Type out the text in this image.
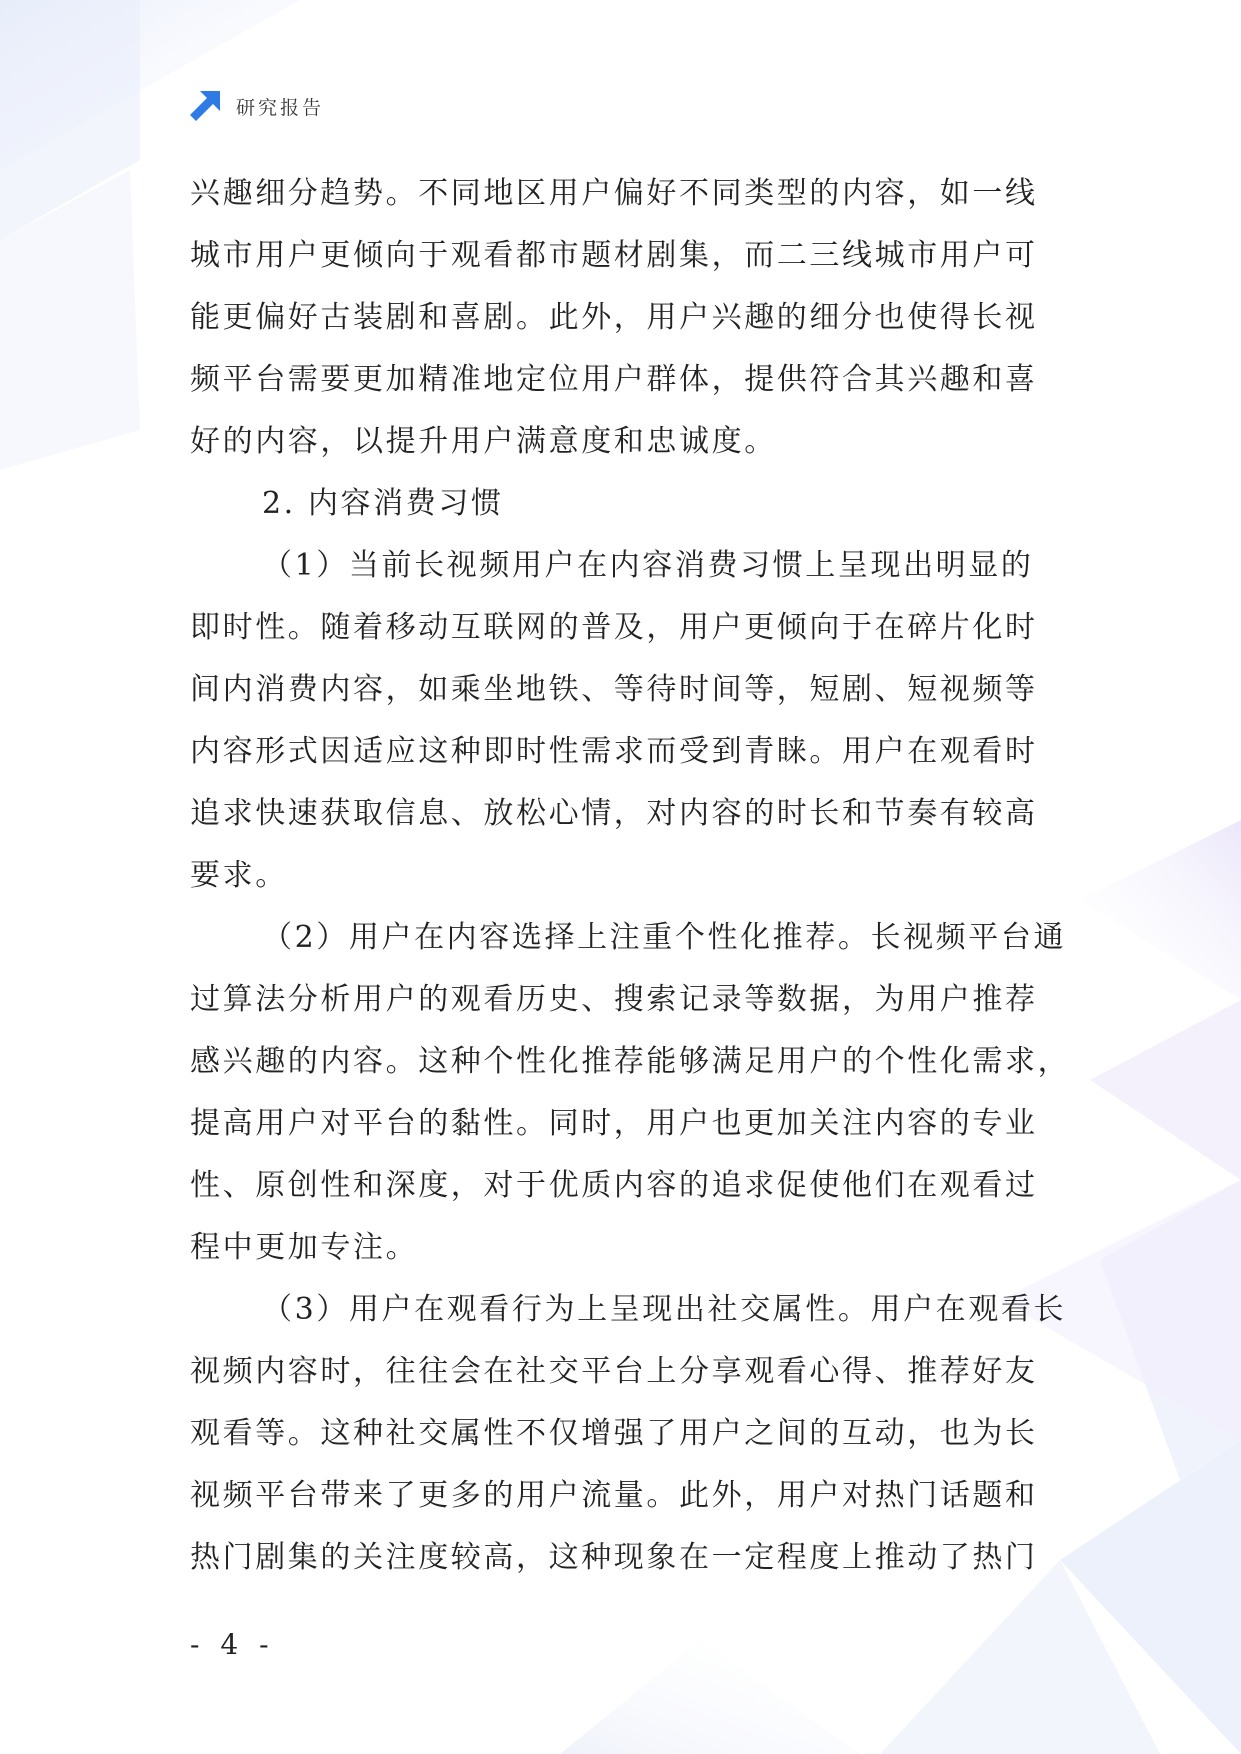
研究报告
兴趣细分趋势。不同地区用户偏好不同类型的内容，如一线
城市用户更倾向于观看都市题材剧集，而二三线城市用户可
能更偏好古装剧和喜剧。此外，用户兴趣的细分也使得长视
频平台需要更加精准地定位用户群体，提供符合其兴趣和喜
好的内容，以提升用户满意度和忠诚度。
2. 内容消费习惯
（1）当前长视频用户在内容消费习惯上呈现出明显的
即时性。随着移动互联网的普及，用户更倾向于在碎片化时
间内消费内容，如乘坐地铁、等待时间等，短剧、短视频等
内容形式因适应这种即时性需求而受到青睐。用户在观看时
追求快速获取信息、放松心情，对内容的时长和节奏有较高
要求。
（2）用户在内容选择上注重个性化推荐。长视频平台通
过算法分析用户的观看历史、搜索记录等数据，为用户推荐
感兴趣的内容。这种个性化推荐能够满足用户的个性化需求，
提高用户对平台的黏性。同时，用户也更加关注内容的专业
性、原创性和深度，对于优质内容的追求促使他们在观看过
程中更加专注。
（3）用户在观看行为上呈现出社交属性。用户在观看长
视频内容时，往往会在社交平台上分享观看心得、推荐好友
观看等。这种社交属性不仅增强了用户之间的互动，也为长
视频平台带来了更多的用户流量。此外，用户对热门话题和
热门剧集的关注度较高，这种现象在一定程度上推动了热门
- 4 -
